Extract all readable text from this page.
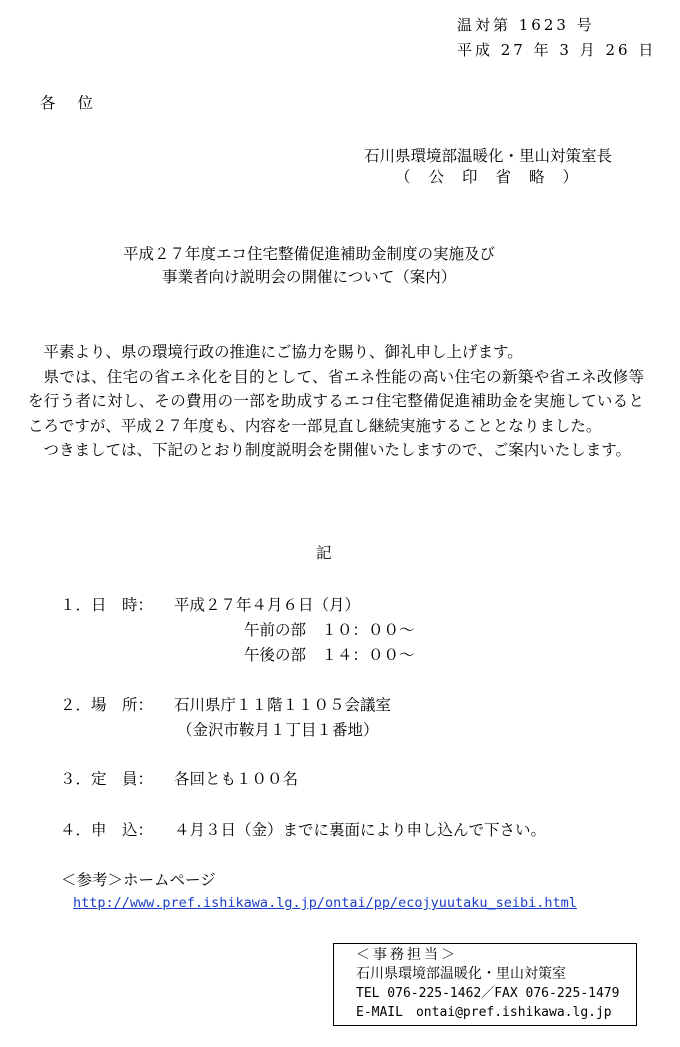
温対第 1623 号
平成 27 年 3 月 26 日
各位
石川県環境部温暖化・里山対策室長
（公印省略）
平成２７年度エコ住宅整備促進補助金制度の実施及び
事業者向け説明会の開催について（案内）

平素より、県の環境行政の推進にご協力を賜り、御礼申し上げます。

県では、住宅の省エネ化を目的として、省エネ性能の高い住宅の新築や省エネ改修等を行う者に対し、その費用の一部を助成するエコ住宅整備促進補助金を実施しているところですが、平成２７年度も、内容を一部見直し継続実施することとなりました。

つきましては、下記のとおり制度説明会を開催いたしますので、ご案内いたします。

記
１．日　時： 平成２７年４月６日（月）
午前の部　１０：００～
午後の部　１４：００～
２．場　所： 石川県庁１１階１１０５会議室
（金沢市鞍月１丁目１番地）
３．定　員： 各回とも１００名
４．申　込： ４月３日（金）までに裏面により申し込んで下さい。
＜参考＞ホームページ
http://www.pref.ishikawa.lg.jp/ontai/pp/ecojyuutaku_seibi.html
＜事務担当＞
石川県環境部温暖化・里山対策室
TEL 076-225-1462／FAX 076-225-1479
E-MAIL　ontai@pref.ishikawa.lg.jp
